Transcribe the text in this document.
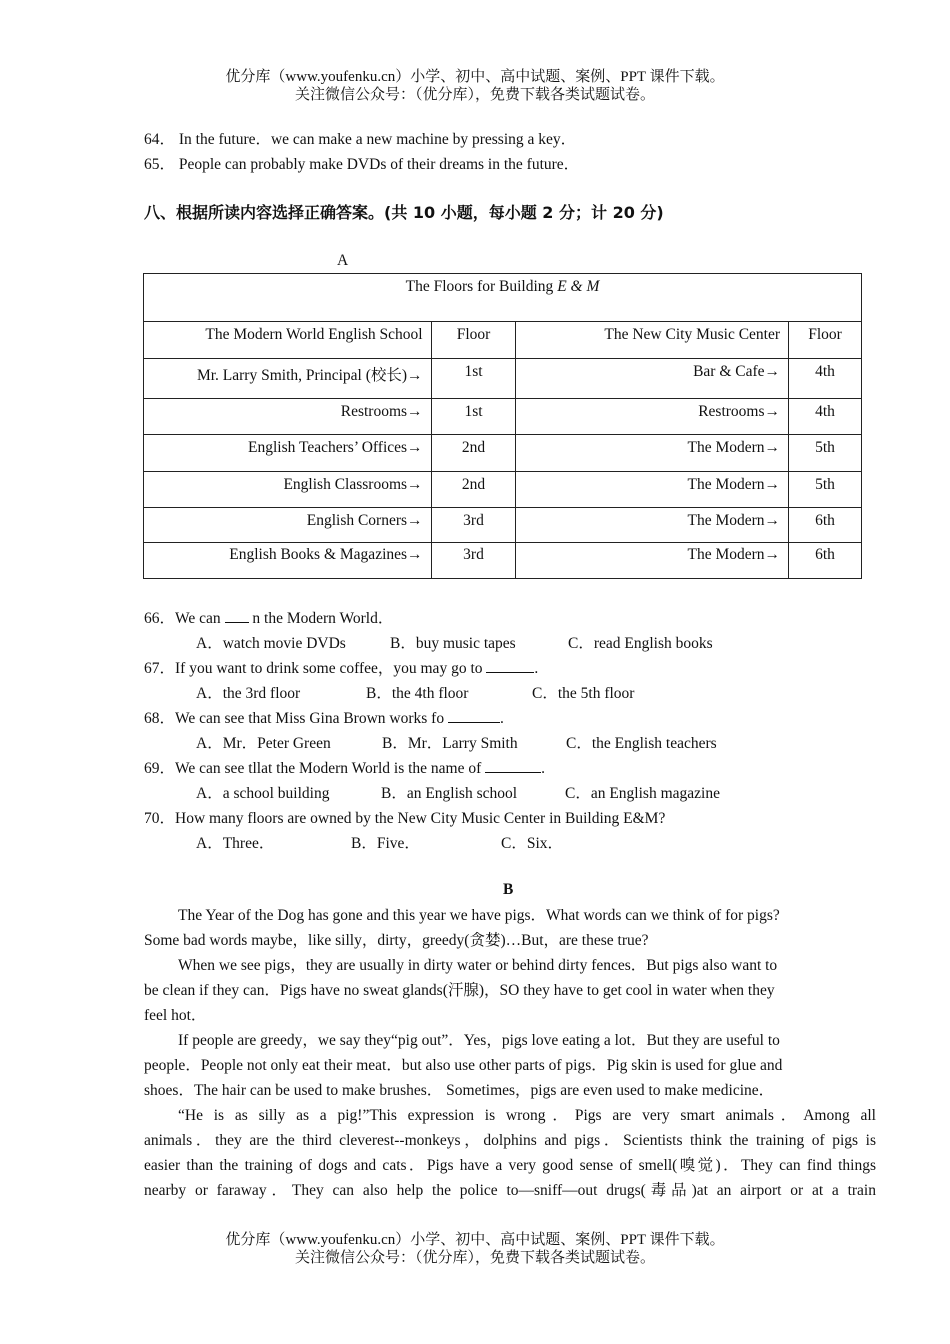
优分库（www.youfenku.cn）小学、初中、高中试题、案例、PPT 课件下载。
关注微信公众号：（优分库），免费下载各类试题试卷。
64． In the future．we can make a new machine by pressing a key．
65． People can probably make DVDs of their dreams in the future．
八、根据所读内容选择正确答案。(共 10 小题，每小题 2 分；计 20 分)
A
The Floors for Building E & M			
The Modern World English School	Floor	The New City Music Center	Floor
Mr. Larry Smith, Principal (校长)→	1st	Bar & Cafe→	4th
Restrooms→	1st	Restrooms→	4th
English Teachers’ Offices→	2nd	The Modern→	5th
English Classrooms→	2nd	The Modern→	5th
English Corners→	3rd	The Modern→	6th
English Books & Magazines→	3rd	The Modern→	6th
66．We can  n the Modern World．
A．watch movie DVDs	B．buy music tapes	C．read English books
67．If you want to drink some coffee，you may go to	.
A．the 3rd floor	B．the 4th floor	C．the 5th floor
68．We can see that Miss Gina Brown works fo	.
A．Mr．Peter Green	B．Mr．Larry Smith	C．the English teachers
69．We can see tllat the Modern World is the name of	.
A．a school building	B．an English school	C．an English magazine
70．How many floors are owned by the New City Music Center in Building E&M?
A．Three．	B．Five．	C．Six．
B

The Year of the Dog has gone and this year we have pigs．What words can we think of for pigs?

Some bad words maybe，like silly，dirty，greedy(贪婪)…But，are these true?

When we see pigs，they are usually in dirty water or behind dirty fences．But pigs also want to

be clean if they can．Pigs have no sweat glands(汗腺)，SO they have to get cool in water when they

feel hot．

If people are greedy，we say they“pig out”．Yes，pigs love eating a lot．But they are useful to

people．People not only eat their meat．but also use other parts of pigs．Pig skin is used for glue and

shoes．The hair can be used to make brushes． Sometimes，pigs are even used to make medicine．

“He is as silly as a pig!”This expression is wrong．Pigs are very smart animals．Among all

animals．they are the third cleverest--monkeys，dolphins and pigs．Scientists think the training of pigs is

easier than the training of dogs and cats．Pigs have a very good sense of smell(嗅觉)．They can find things

nearby or faraway．They can also help the police to—sniff—out drugs(毒品)at an airport or at a train

优分库（www.youfenku.cn）小学、初中、高中试题、案例、PPT 课件下载。
关注微信公众号：（优分库），免费下载各类试题试卷。
